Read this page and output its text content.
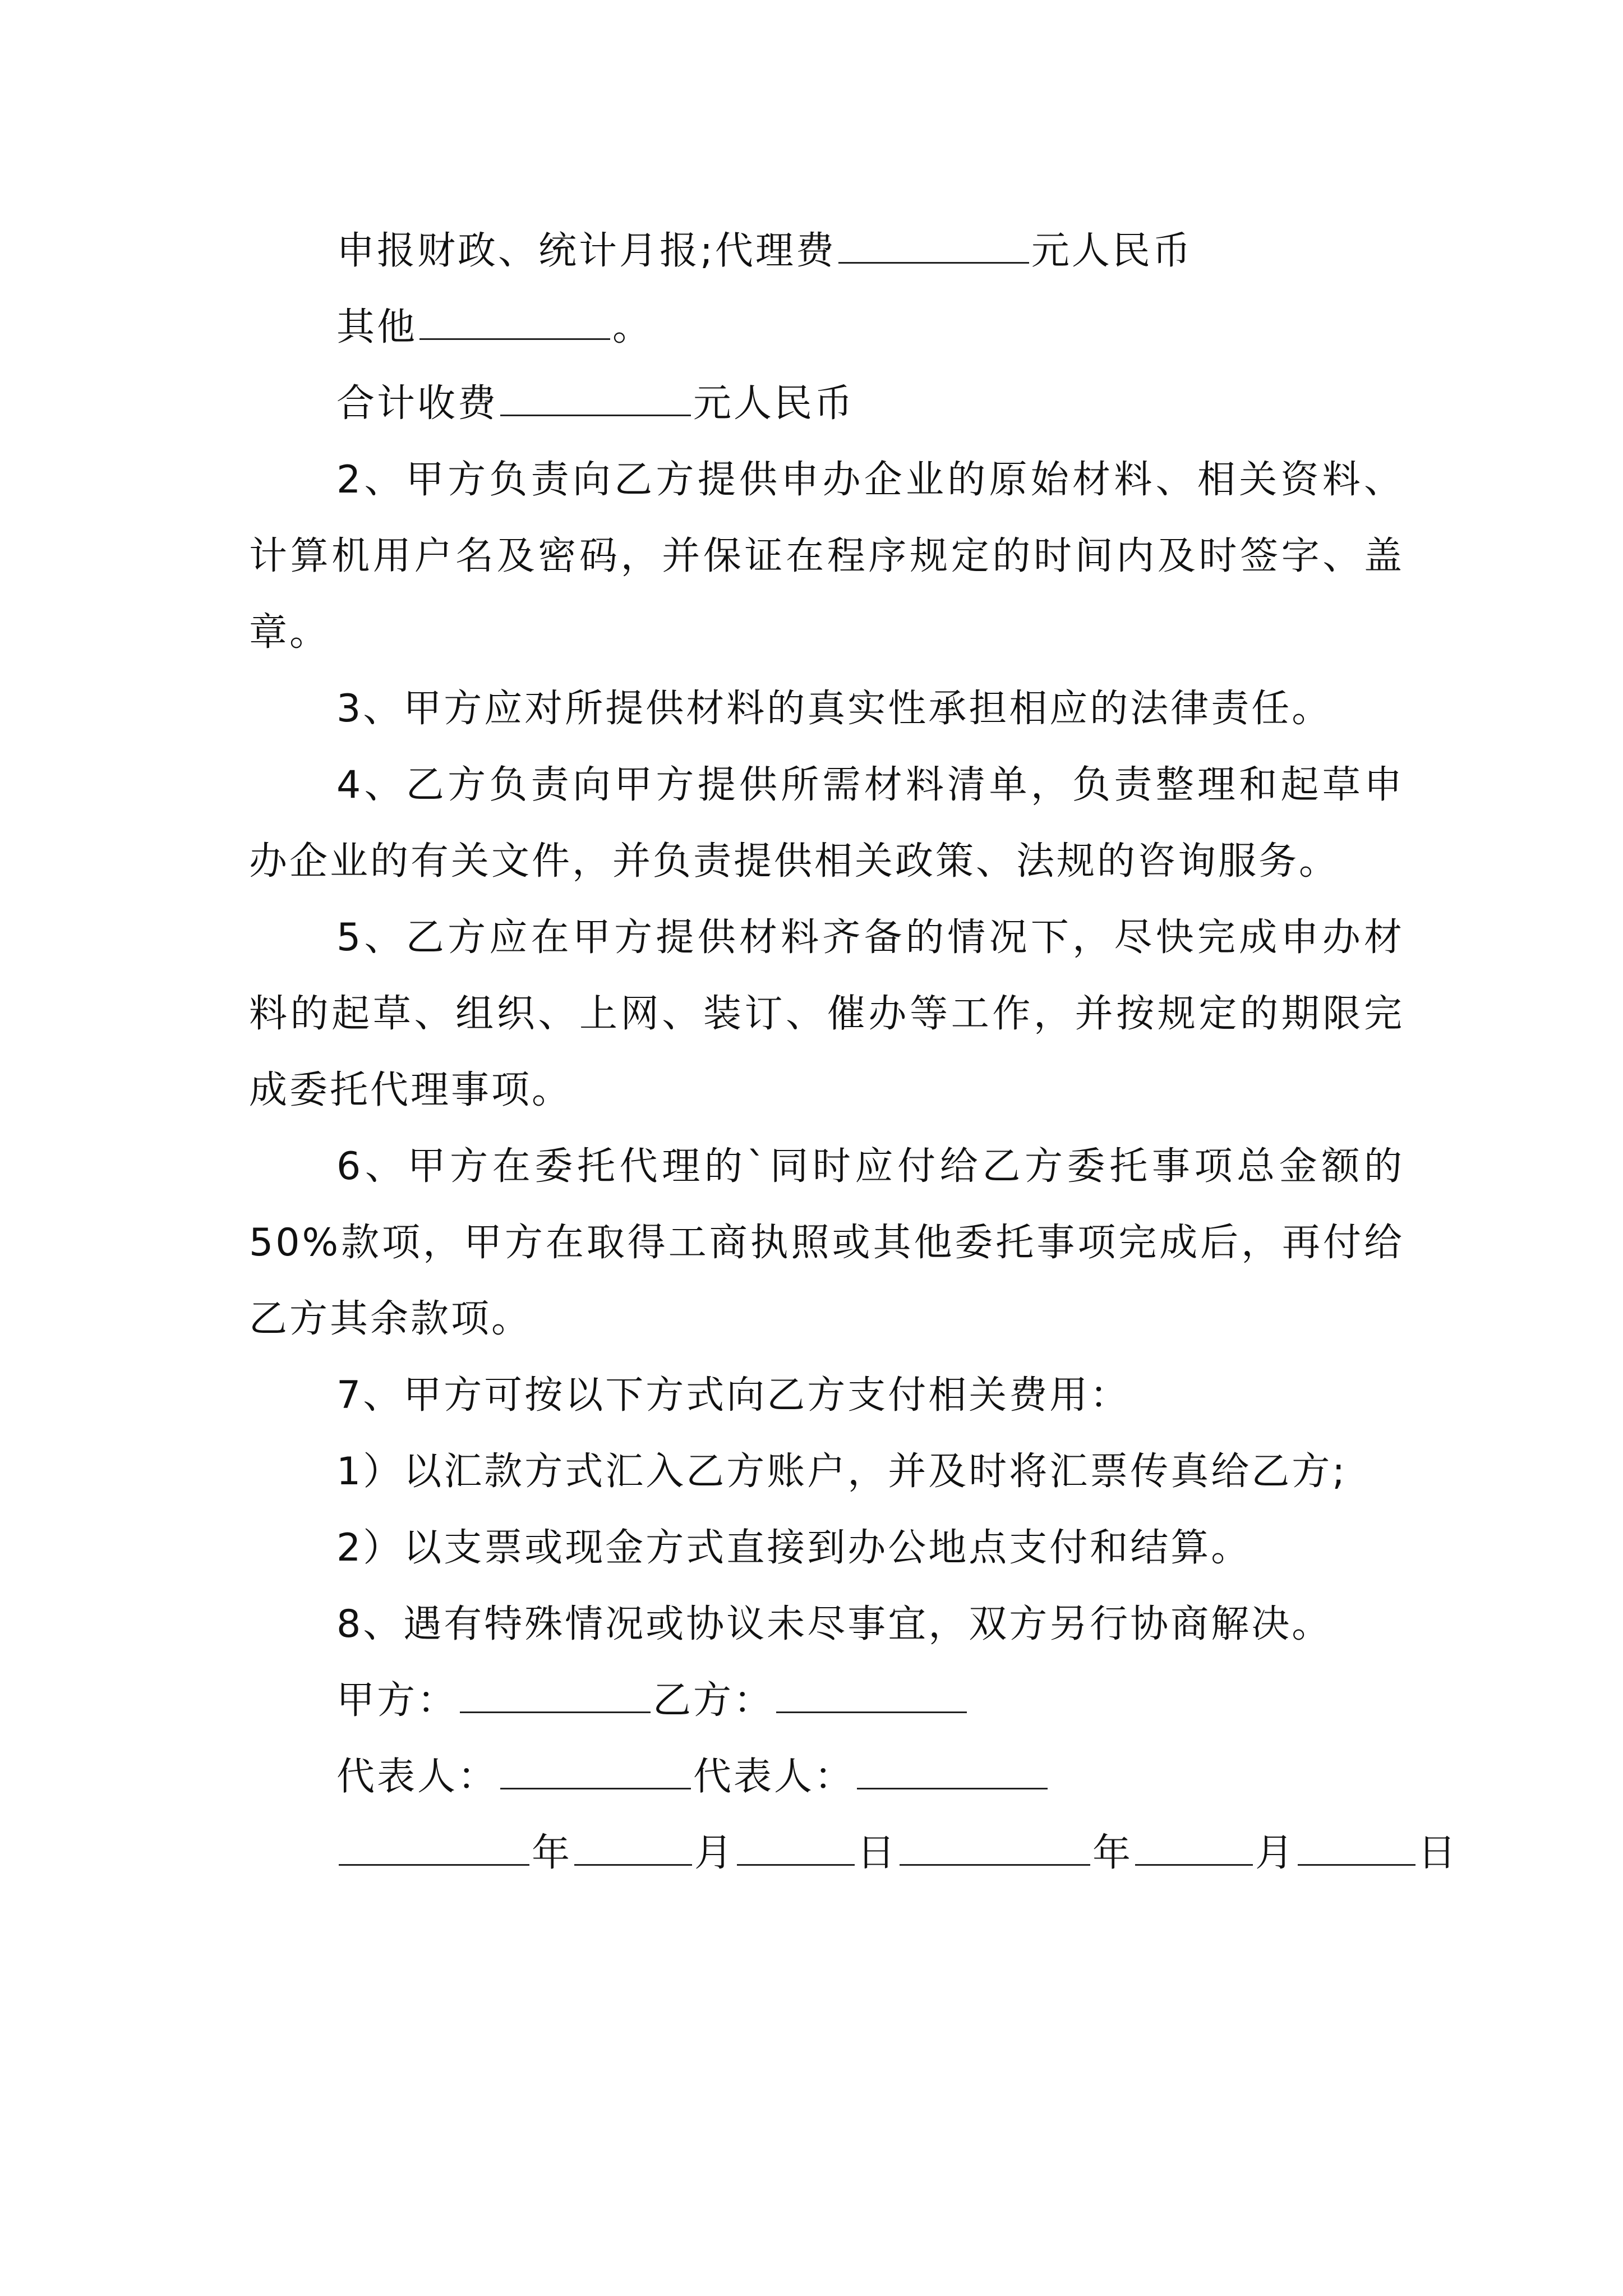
申报财政、统计月报;代理费	元人民币

其他	。

合计收费	元人民币

2、甲方负责向乙方提供申办企业的原始材料、相关资料、计算机用户名及密码，并保证在程序规定的时间内及时签字、盖章。

3、甲方应对所提供材料的真实性承担相应的法律责任。

4、乙方负责向甲方提供所需材料清单，负责整理和起草申办企业的有关文件，并负责提供相关政策、法规的咨询服务。

5、乙方应在甲方提供材料齐备的情况下，尽快完成申办材料的起草、组织、上网、装订、催办等工作，并按规定的期限完成委托代理事项。

6、甲方在委托代理的`同时应付给乙方委托事项总金额的50%款项，甲方在取得工商执照或其他委托事项完成后，再付给乙方其余款项。

7、甲方可按以下方式向乙方支付相关费用：

1）以汇款方式汇入乙方账户，并及时将汇票传真给乙方;

2）以支票或现金方式直接到办公地点支付和结算。

8、遇有特殊情况或协议未尽事宜，双方另行协商解决。

甲方：	乙方：

代表人：	代表人：

年	月	日	年	月	日
